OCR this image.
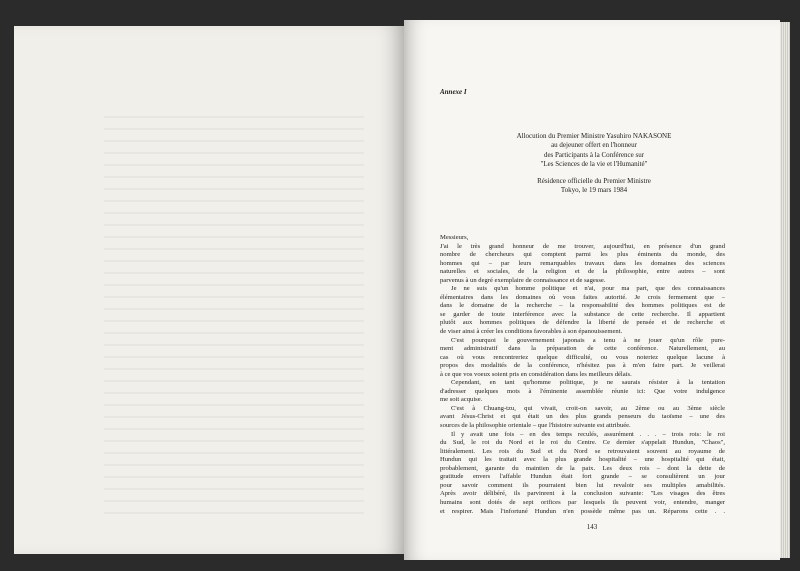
Annexe I
Allocution du Premier Ministre Yasuhiro NAKASONE
au dejeuner offert en l'honneur
des Participants à la Conférence sur
"Les Sciences de la vie et l'Humanité"
Résidence officielle du Premier Ministre
Tokyo, le 19 mars 1984
Messieurs,
J'ai le très grand honneur de me trouver, aujourd'hui, en présence d'un grand
nombre de chercheurs qui comptent parmi les plus éminents du monde, des
hommes qui – par leurs remarquables travaux dans les domaines des sciences
naturelles et sociales, de la religion et de la philosophie, entre autres – sont
parvenus à un degré exemplaire de connaissance et de sagesse.
Je ne suis qu'un homme politique et n'ai, pour ma part, que des connaissances
élémentaires dans les domaines où vous faites autorité. Je crois fermement que –
dans le domaine de la recherche – la responsabilité des hommes politiques est de
se garder de toute interférence avec la substance de cette recherche. Il appartient
plutôt aux hommes politiques de défendre la liberté de pensée et de recherche et
de viser ainsi à créer les conditions favorables à son épanouissement.
C'est pourquoi le gouvernement japonais a tenu à ne jouer qu'un rôle pure-
ment administratif dans la préparation de cette conférence. Naturellement, au
cas où vous rencontreriez quelque difficulté, ou vous noteriez quelque lacune à
propos des modalités de la conférence, n'hésitez pas à m'en faire part. Je veillerai
à ce que vos voeux soient pris en considération dans les meilleurs délais.
Cependant, en tant qu'homme politique, je ne saurais résister à la tentation
d'adresser quelques mots à l'éminente assemblée réunie ici: Que votre indulgence
me soit acquise.
C'est à Chuang-tzu, qui vivait, croit-on savoir, au 2ème ou au 3ème siècle
avant Jésus-Christ et qui était un des plus grands penseurs du taoïsme – une des
sources de la philosophie orientale – que l'histoire suivante est attribuée.
Il y avait une fois – en des temps reculés, assurément . . . – trois rois: le roi
du Sud, le roi du Nord et le roi du Centre. Ce dernier s'appelait Hundun, "Chaos",
littéralement. Les rois du Sud et du Nord se retrouvaient souvent au royaume de
Hundun qui les traitait avec la plus grande hospitalité – une hospitalité qui était,
probablement, garante du maintien de la paix. Les deux rois – dont la dette de
gratitude envers l'affable Hundun était fort grande – se consultèrent un jour
pour savoir comment ils pourraient bien lui revaloir ses multiples amabilités.
Après avoir délibéré, ils parvinrent à la conclusion suivante: "Les visages des êtres
humains sont dotés de sept orifices par lesquels ils peuvent voir, entendre, manger
et respirer. Mais l'infortuné Hundun n'en possède même pas un. Réparons cette . .
143
